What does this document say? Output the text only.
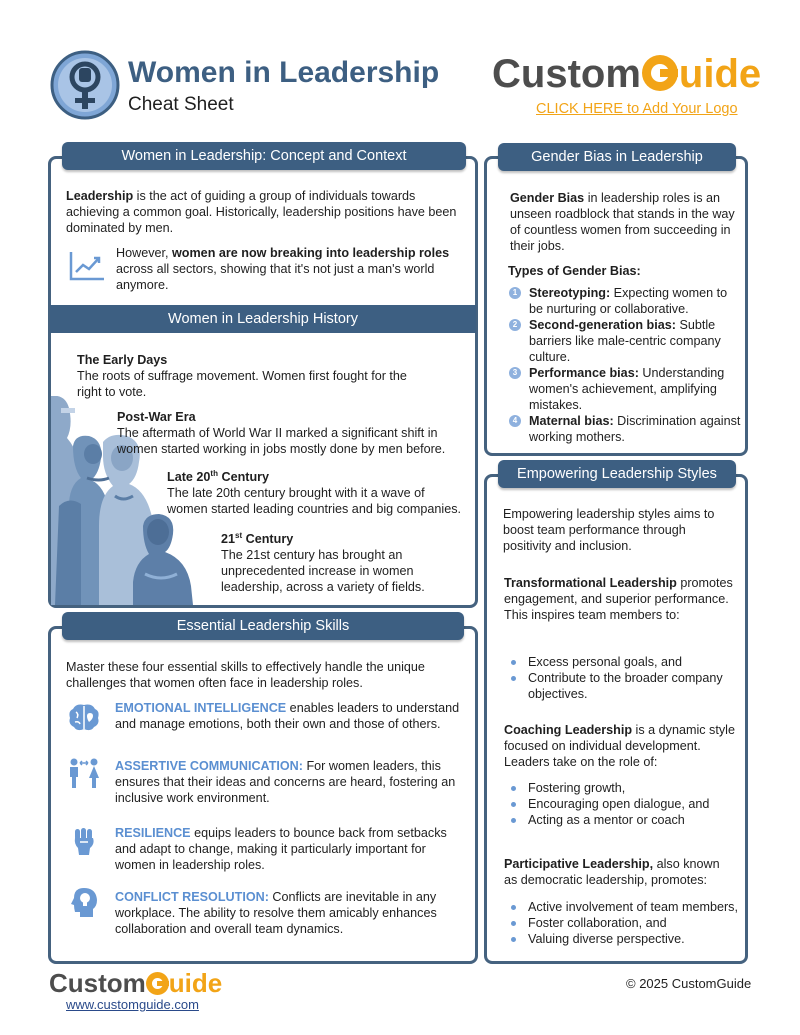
Women in Leadership
Cheat Sheet
Custom uide
CLICK HERE to Add Your Logo
Women in Leadership: Concept and Context
Leadership is the act of guiding a group of individuals towards achieving a common goal. Historically, leadership positions have been dominated by men.
However, women are now breaking into leadership roles across all sectors, showing that it's not just a man's world anymore.
Women in Leadership History
The Early Days
The roots of suffrage movement. Women first fought for the right to vote.
Post-War Era
The aftermath of World War II marked a significant shift in women started working in jobs mostly done by men before.
Late 20th Century
The late 20th century brought with it a wave of women started leading countries and big companies.
21st Century
The 21st century has brought an unprecedented increase in women leadership, across a variety of fields.
Essential Leadership Skills
Master these four essential skills to effectively handle the unique challenges that women often face in leadership roles.
EMOTIONAL INTELLIGENCE enables leaders to understand and manage emotions, both their own and those of others.
ASSERTIVE COMMUNICATION: For women leaders, this ensures that their ideas and concerns are heard, fostering an inclusive work environment.
RESILIENCE equips leaders to bounce back from setbacks and adapt to change, making it particularly important for women in leadership roles.
CONFLICT RESOLUTION: Conflicts are inevitable in any workplace. The ability to resolve them amicably enhances collaboration and overall team dynamics.
Gender Bias in Leadership
Gender Bias in leadership roles is an unseen roadblock that stands in the way of countless women from succeeding in their jobs.
Types of Gender Bias:
1 Stereotyping: Expecting women to be nurturing or collaborative.
2 Second-generation bias: Subtle barriers like male-centric company culture.
3 Performance bias: Understanding women's achievement, amplifying mistakes.
4 Maternal bias: Discrimination against working mothers.
Empowering Leadership Styles
Empowering leadership styles aims to boost team performance through positivity and inclusion.
Transformational Leadership promotes engagement, and superior performance. This inspires team members to:
Excess personal goals, and
Contribute to the broader company objectives.
Coaching Leadership is a dynamic style focused on individual development. Leaders take on the role of:
Fostering growth,
Encouraging open dialogue, and
Acting as a mentor or coach
Participative Leadership, also known as democratic leadership, promotes:
Active involvement of team members,
Foster collaboration, and
Valuing diverse perspective.
Custom uide
www.customguide.com
© 2025 CustomGuide
